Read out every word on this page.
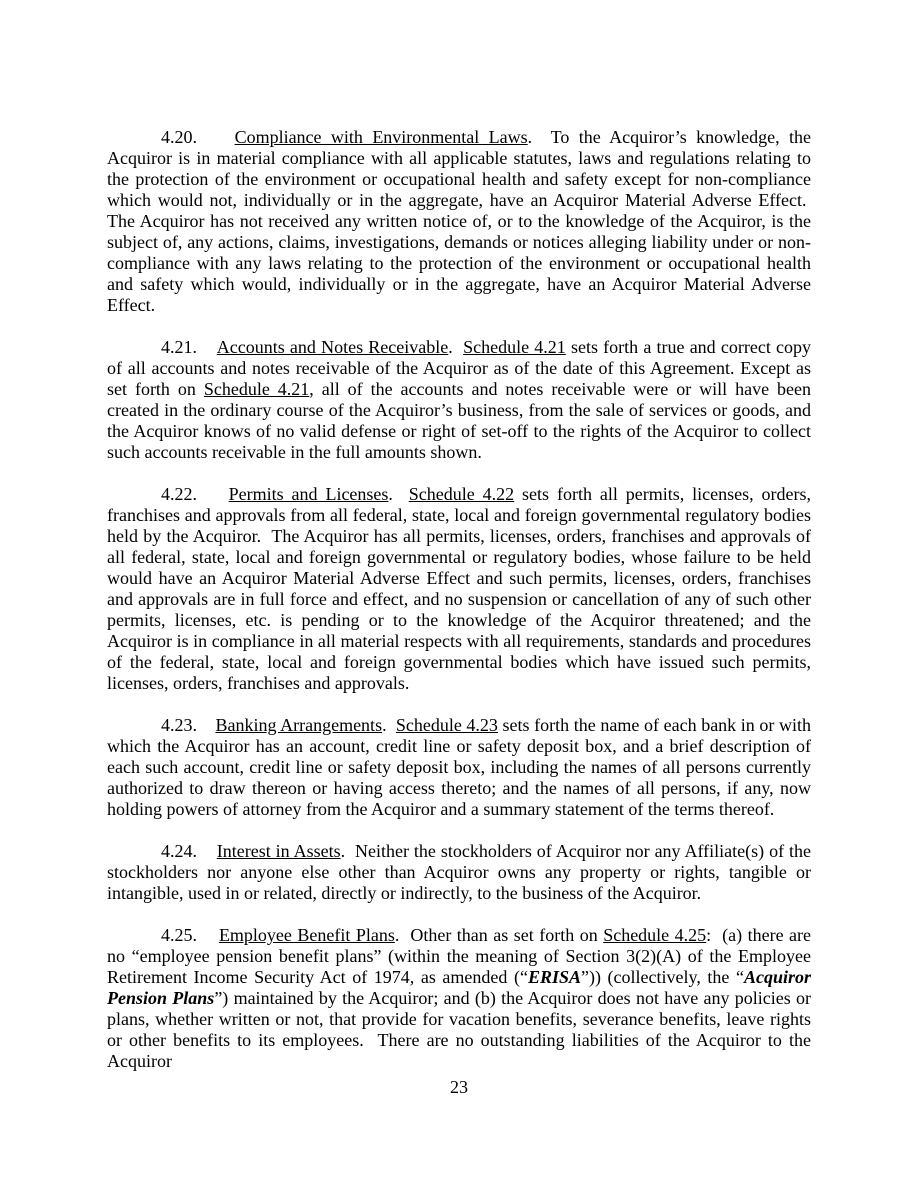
4.20.    Compliance with Environmental Laws.  To the Acquiror’s knowledge, the Acquiror is in material compliance with all applicable statutes, laws and regulations relating to the protection of the environment or occupational health and safety except for non-compliance which would not, individually or in the aggregate, have an Acquiror Material Adverse Effect.  The Acquiror has not received any written notice of, or to the knowledge of the Acquiror, is the subject of, any actions, claims, investigations, demands or notices alleging liability under or non-compliance with any laws relating to the protection of the environment or occupational health and safety which would, individually or in the aggregate, have an Acquiror Material Adverse Effect.

4.21.    Accounts and Notes Receivable.  Schedule 4.21 sets forth a true and correct copy of all accounts and notes receivable of the Acquiror as of the date of this Agreement. Except as set forth on Schedule 4.21, all of the accounts and notes receivable were or will have been created in the ordinary course of the Acquiror’s business, from the sale of services or goods, and the Acquiror knows of no valid defense or right of set-off to the rights of the Acquiror to collect such accounts receivable in the full amounts shown.

4.22.    Permits and Licenses.  Schedule 4.22 sets forth all permits, licenses, orders, franchises and approvals from all federal, state, local and foreign governmental regulatory bodies held by the Acquiror.  The Acquiror has all permits, licenses, orders, franchises and approvals of all federal, state, local and foreign governmental or regulatory bodies, whose failure to be held would have an Acquiror Material Adverse Effect and such permits, licenses, orders, franchises and approvals are in full force and effect, and no suspension or cancellation of any of such other permits, licenses, etc. is pending or to the knowledge of the Acquiror threatened; and the Acquiror is in compliance in all material respects with all requirements, standards and procedures of the federal, state, local and foreign governmental bodies which have issued such permits, licenses, orders, franchises and approvals.

4.23.    Banking Arrangements.  Schedule 4.23 sets forth the name of each bank in or with which the Acquiror has an account, credit line or safety deposit box, and a brief description of each such account, credit line or safety deposit box, including the names of all persons currently authorized to draw thereon or having access thereto; and the names of all persons, if any, now holding powers of attorney from the Acquiror and a summary statement of the terms thereof.

4.24.    Interest in Assets.  Neither the stockholders of Acquiror nor any Affiliate(s) of the stockholders nor anyone else other than Acquiror owns any property or rights, tangible or intangible, used in or related, directly or indirectly, to the business of the Acquiror.

4.25.    Employee Benefit Plans.  Other than as set forth on Schedule 4.25:  (a) there are no “employee pension benefit plans” (within the meaning of Section 3(2)(A) of the Employee Retirement Income Security Act of 1974, as amended (“ERISA”)) (collectively, the “Acquiror Pension Plans”) maintained by the Acquiror; and (b) the Acquiror does not have any policies or plans, whether written or not, that provide for vacation benefits, severance benefits, leave rights or other benefits to its employees.  There are no outstanding liabilities of the Acquiror to the Acquiror

23
